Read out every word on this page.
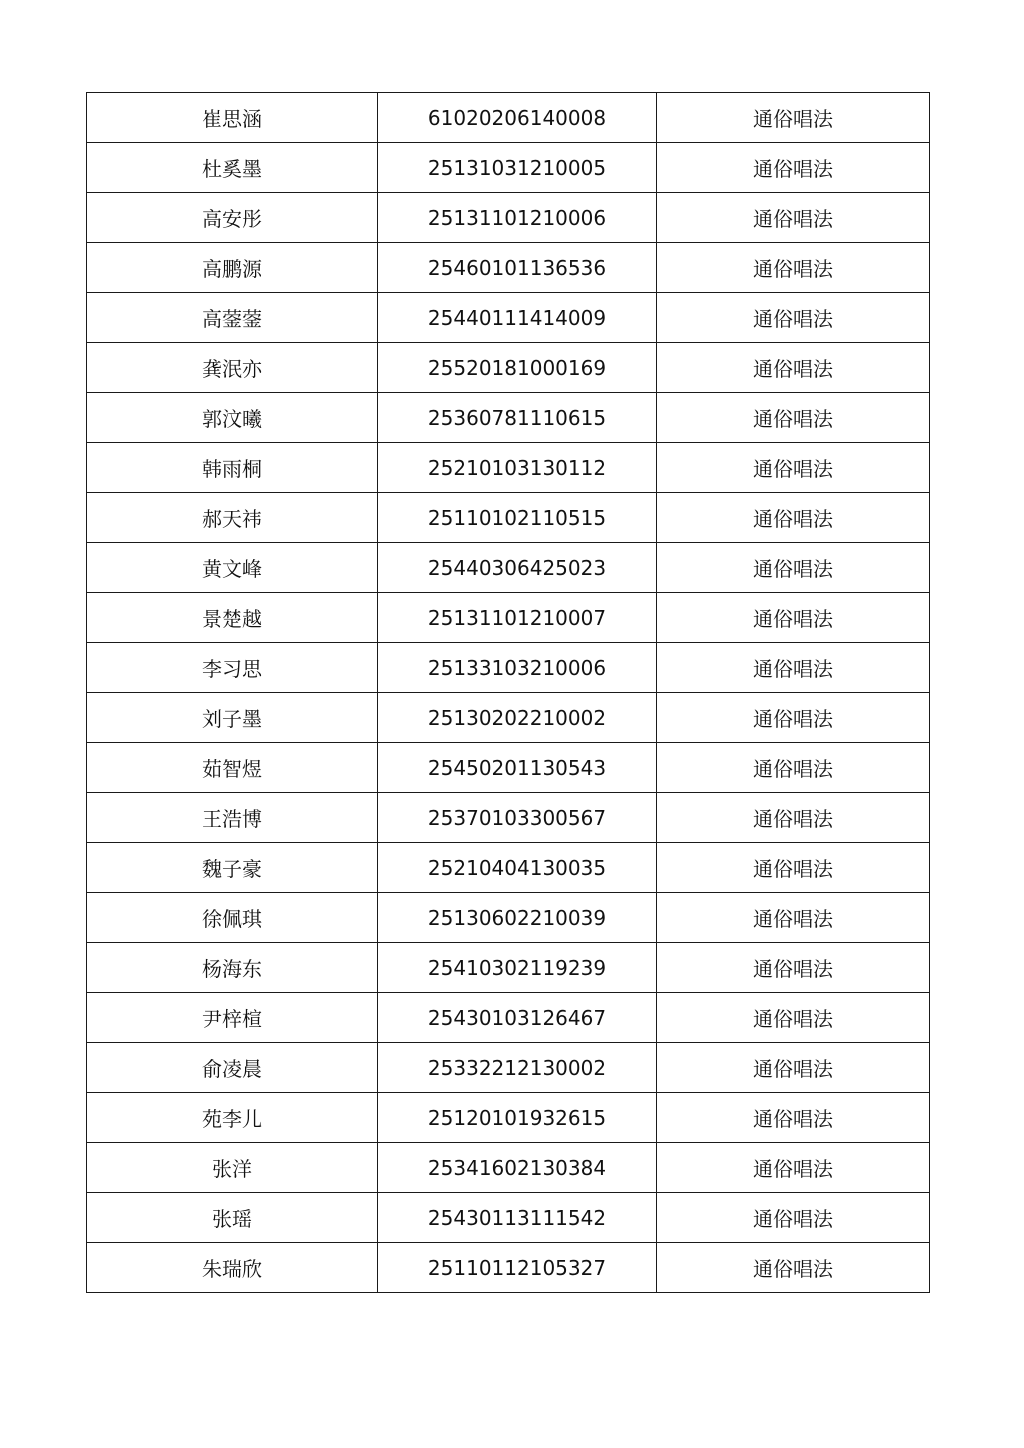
崔思涵	61020206140008	通俗唱法
杜奚墨	25131031210005	通俗唱法
高安彤	25131101210006	通俗唱法
高鹏源	25460101136536	通俗唱法
高蓥蓥	25440111414009	通俗唱法
龚泯亦	25520181000169	通俗唱法
郭汶曦	25360781110615	通俗唱法
韩雨桐	25210103130112	通俗唱法
郝天祎	25110102110515	通俗唱法
黄文峰	25440306425023	通俗唱法
景楚越	25131101210007	通俗唱法
李习思	25133103210006	通俗唱法
刘子墨	25130202210002	通俗唱法
茹智煜	25450201130543	通俗唱法
王浩博	25370103300567	通俗唱法
魏子豪	25210404130035	通俗唱法
徐佩琪	25130602210039	通俗唱法
杨海东	25410302119239	通俗唱法
尹梓楦	25430103126467	通俗唱法
俞凌晨	25332212130002	通俗唱法
苑李儿	25120101932615	通俗唱法
张洋	25341602130384	通俗唱法
张瑶	25430113111542	通俗唱法
朱瑞欣	25110112105327	通俗唱法
